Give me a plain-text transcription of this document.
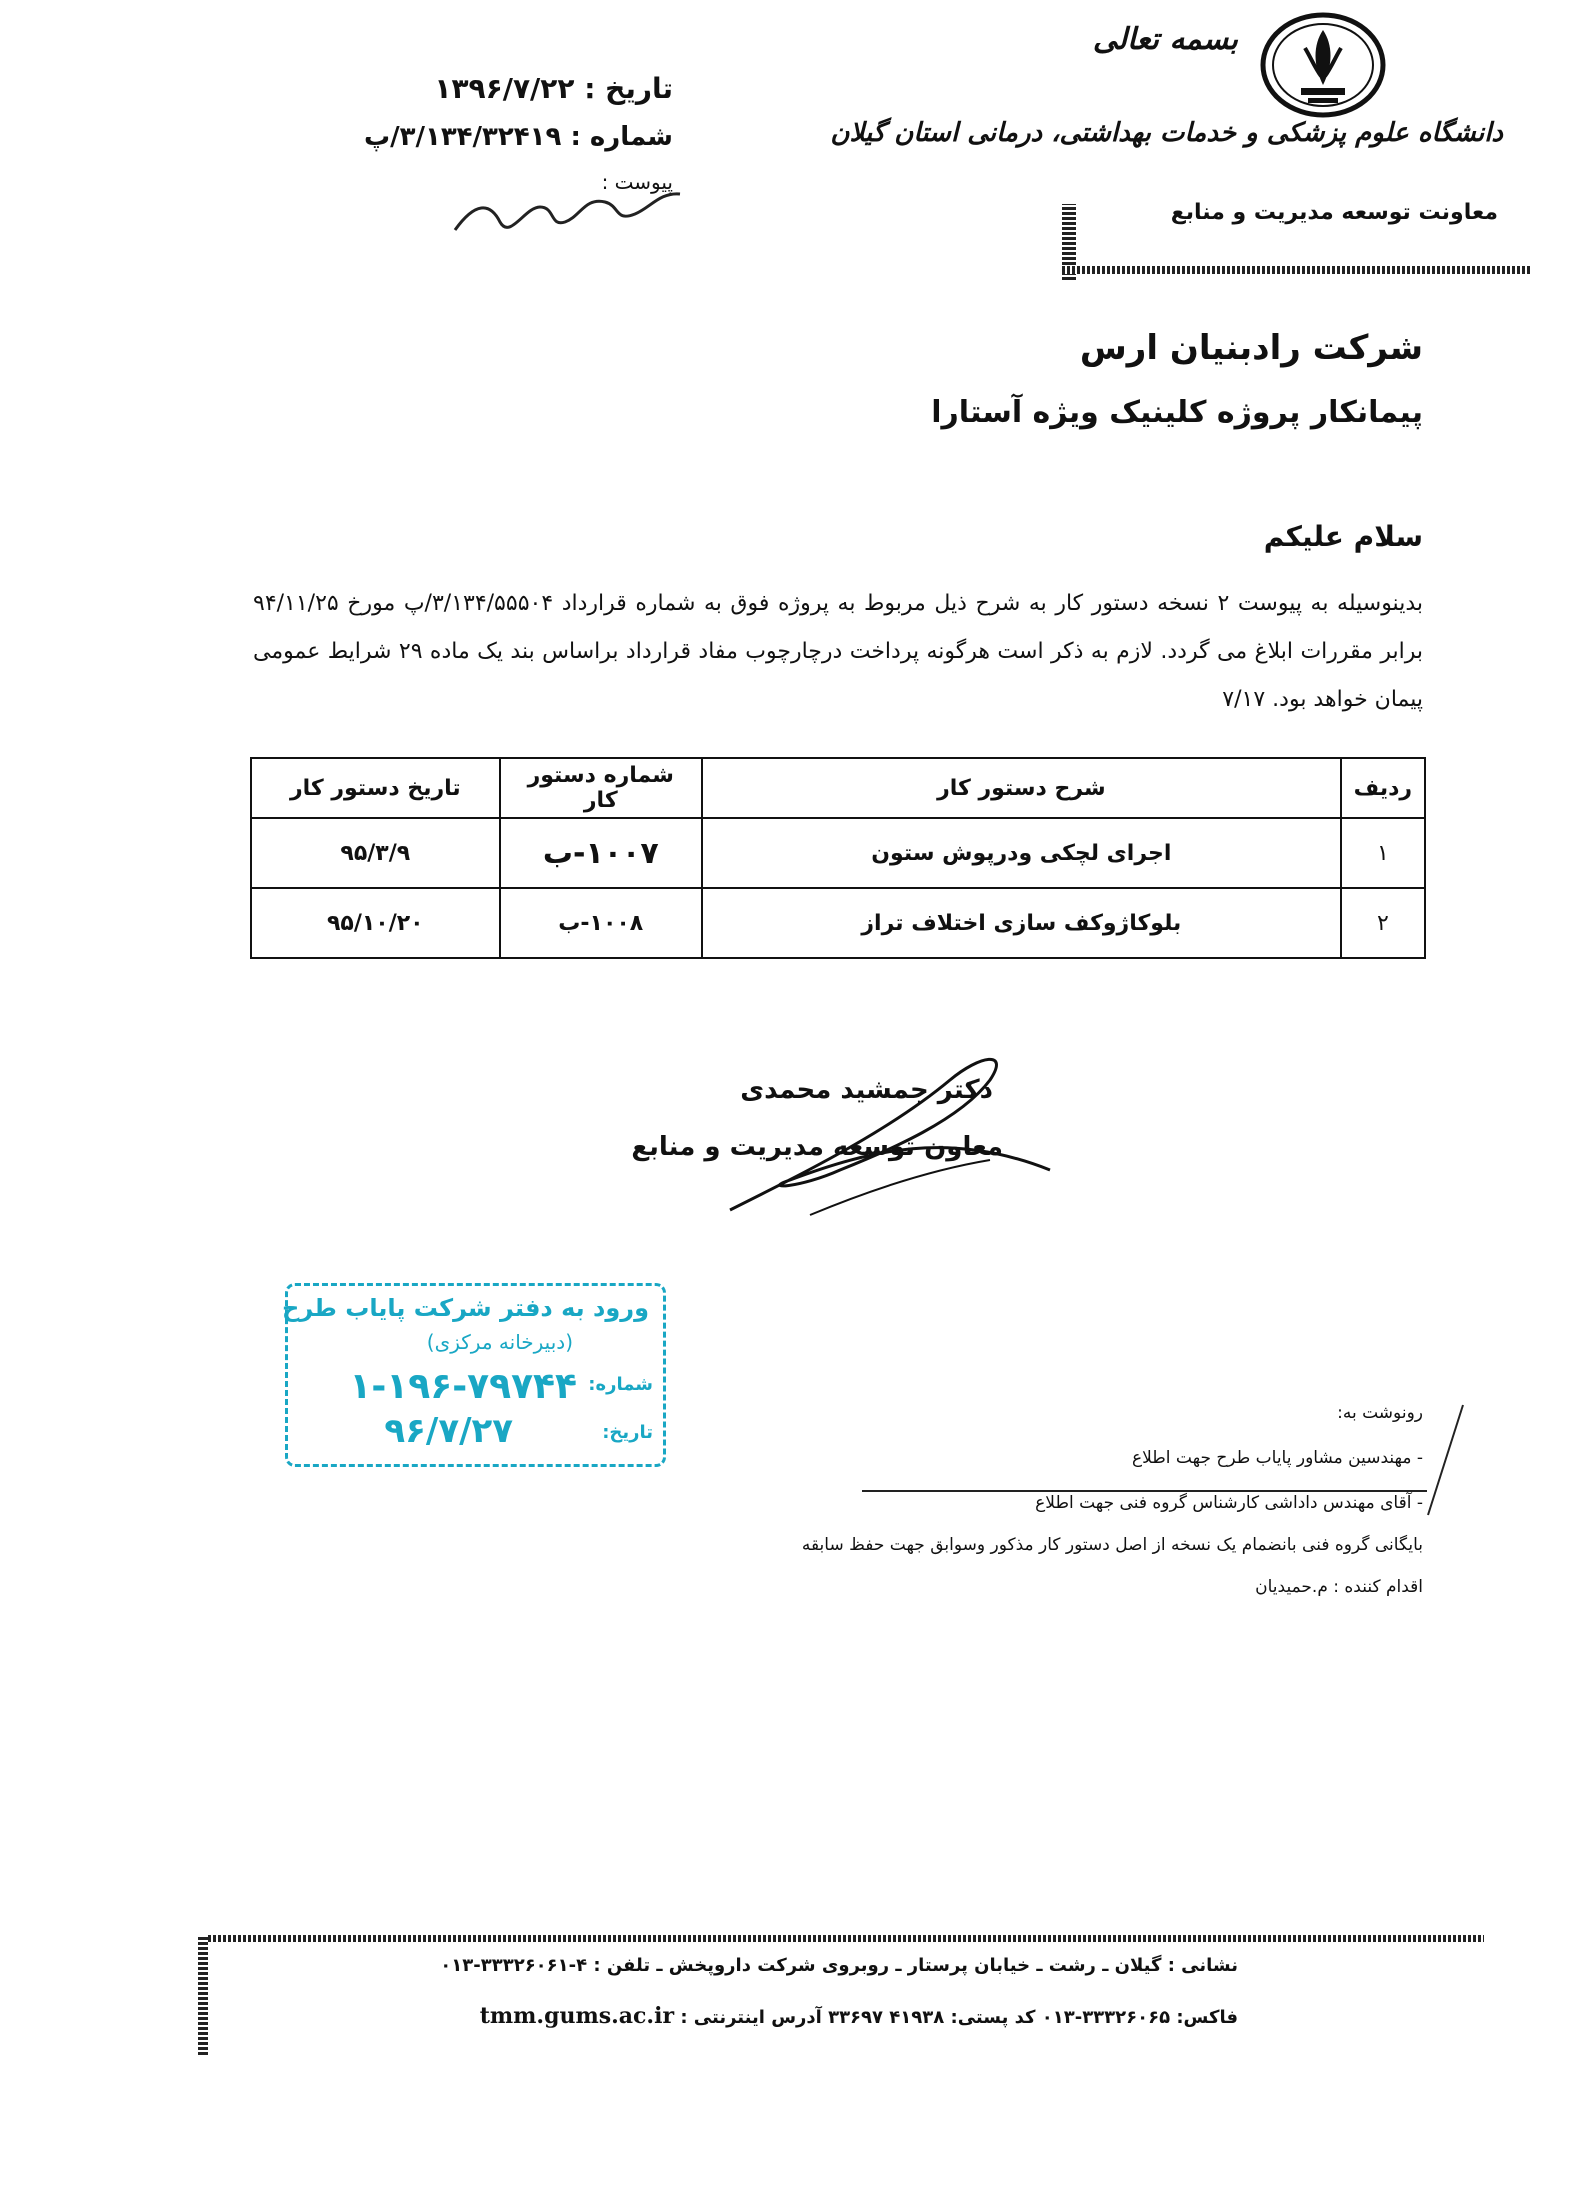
بسمه تعالی
دانشگاه علوم پزشکی و خدمات بهداشتی، درمانی استان گیلان
معاونت توسعه مدیریت و منابع
تاریخ : ۱۳۹۶/۷/۲۲
شماره : ۳/۱۳۴/۳۲۴۱۹/پ
پیوست :
شرکت رادبنیان ارس
پیمانکار پروژه کلینیک ویژه آستارا
سلام علیکم
بدینوسیله به پیوست ۲ نسخه دستور کار به شرح ذیل مربوط به پروژه فوق به شماره قرارداد ۳/۱۳۴/۵۵۵۰۴/پ مورخ ۹۴/۱۱/۲۵ برابر مقررات ابلاغ می گردد. لازم به ذکر است هرگونه پرداخت درچارچوب مفاد قرارداد براساس بند یک ماده ۲۹ شرایط عمومی پیمان خواهد بود. ۷/۱۷
ردیف	شرح دستور کار	شماره دستور کار	تاریخ دستور کار
۱	اجرای لچکی ودرپوش ستون	۱۰۰۷-ب	۹۵/۳/۹
۲	بلوکاژوکف سازی اختلاف تراز	۱۰۰۸-ب	۹۵/۱۰/۲۰
دکتر جمشید محمدی
معاون توسعه مدیریت و منابع
ورود به دفتر شرکت پایاب طرح
(دبیرخانه مرکزی)
شماره:
۱-۱۹۶-۷۹۷۴۴
تاریخ:
۹۶/۷/۲۷	رونوشت به:
- مهندسین مشاور پایاب طرح جهت اطلاع
- آقای مهندس داداشی کارشناس گروه فنی جهت اطلاع
بایگانی گروه فنی بانضمام یک نسخه از اصل دستور کار مذکور وسوابق جهت حفظ سابقه
اقدام کننده : م.حمیدیان
نشانی : گیلان ـ رشت ـ خیابان پرستار ـ روبروی شرکت داروپخش ـ تلفن : ۴-۳۳۳۲۶۰۶۱-۰۱۳
فاکس: ۳۳۳۲۶۰۶۵-۰۱۳ کد پستی: ۴۱۹۳۸ ۳۳۶۹۷ آدرس اینترنتی : tmm.gums.ac.ir
